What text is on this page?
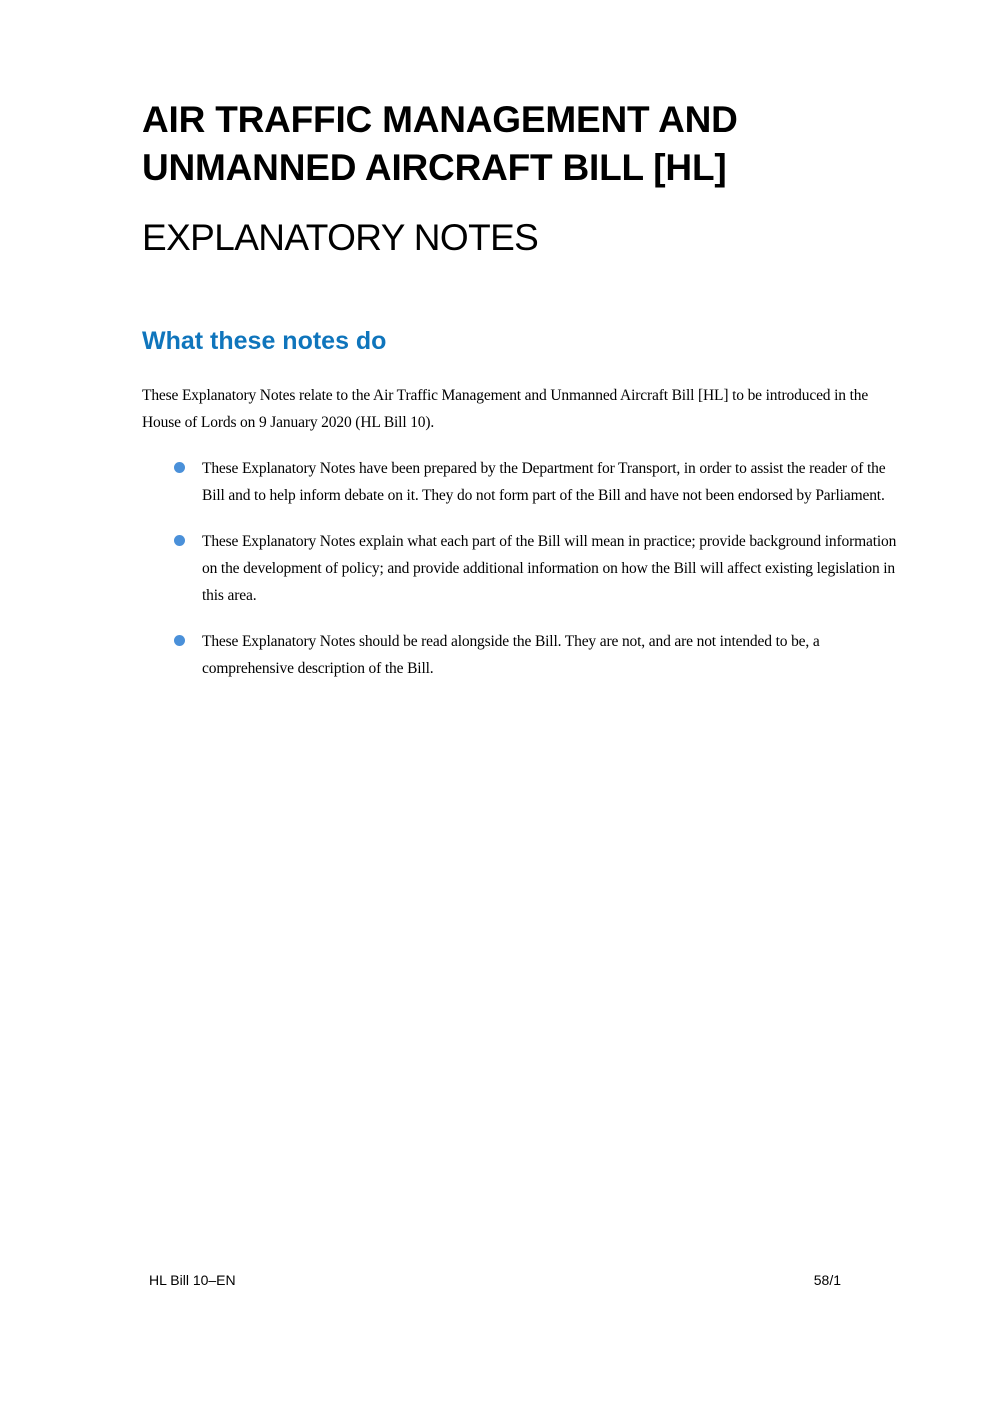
AIR TRAFFIC MANAGEMENT AND UNMANNED AIRCRAFT BILL [HL]
EXPLANATORY NOTES
What these notes do

These Explanatory Notes relate to the Air Traffic Management and Unmanned Aircraft Bill [HL] to be introduced in the House of Lords on 9 January 2020 (HL Bill 10).

These Explanatory Notes have been prepared by the Department for Transport, in order to assist the reader of the Bill and to help inform debate on it. They do not form part of the Bill and have not been endorsed by Parliament.
These Explanatory Notes explain what each part of the Bill will mean in practice; provide background information on the development of policy; and provide additional information on how the Bill will affect existing legislation in this area.
These Explanatory Notes should be read alongside the Bill. They are not, and are not intended to be, a comprehensive description of the Bill.

HL Bill 10–EN	58/1
